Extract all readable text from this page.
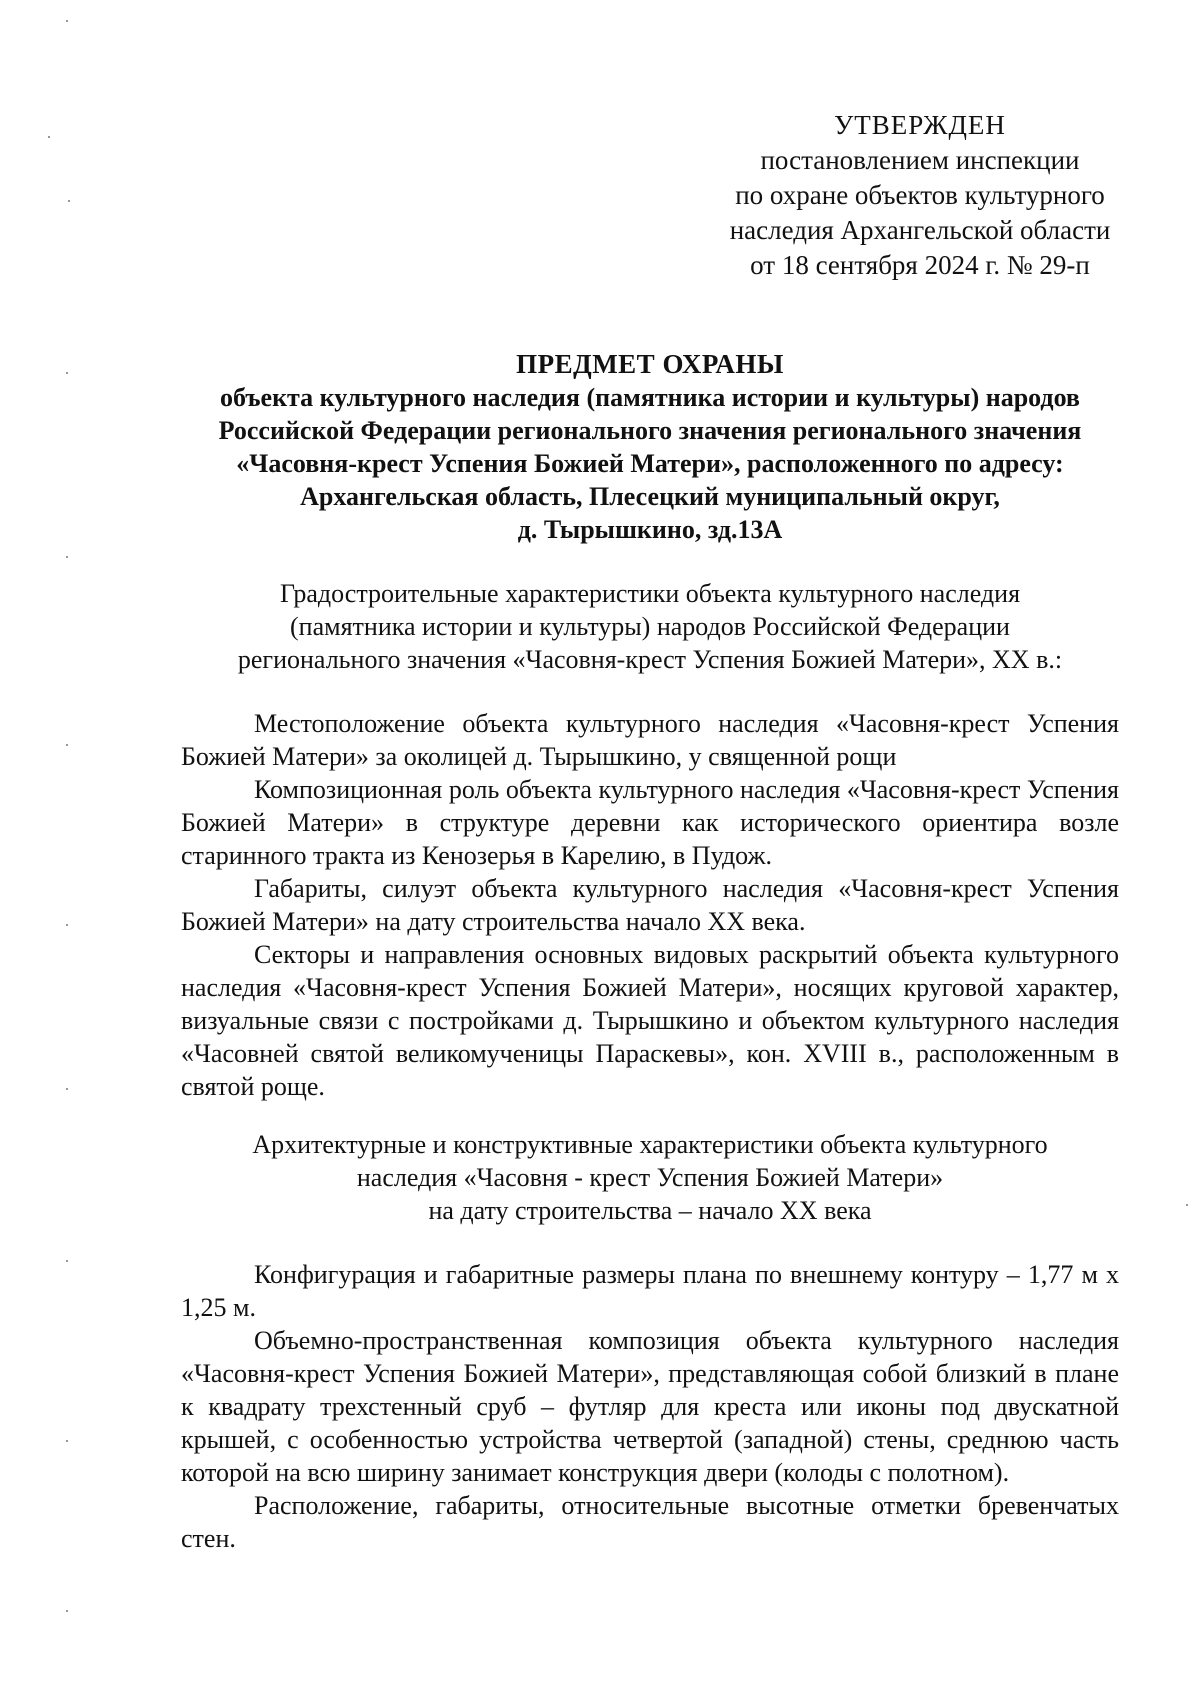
УТВЕРЖДЕН
постановлением инспекции
по охране объектов культурного
наследия Архангельской области
от 18 сентября 2024 г. № 29-п
ПРЕДМЕТ ОХРАНЫ
объекта культурного наследия (памятника истории и культуры) народов
Российской Федерации регионального значения регионального значения
«Часовня-крест Успения Божией Матери», расположенного по адресу:
Архангельская область, Плесецкий муниципальный округ,
д. Тырышкино, зд.13А
Градостроительные характеристики объекта культурного наследия
(памятника истории и культуры) народов Российской Федерации
регионального значения «Часовня-крест Успения Божией Матери», XX в.:
Местоположение объекта культурного наследия «Часовня-крест Успения Божией Матери» за околицей д. Тырышкино, у священной рощи
Композиционная роль объекта культурного наследия «Часовня-крест Успения Божией Матери» в структуре деревни как исторического ориентира возле старинного тракта из Кенозерья в Карелию, в Пудож.
Габариты, силуэт объекта культурного наследия «Часовня-крест Успения Божией Матери» на дату строительства начало XX века.
Секторы и направления основных видовых раскрытий объекта культурного наследия «Часовня-крест Успения Божией Матери», носящих круговой характер, визуальные связи с постройками д. Тырышкино и объектом культурного наследия «Часовней святой великомученицы Параскевы», кон. XVIII в., расположенным в святой роще.
Архитектурные и конструктивные характеристики объекта культурного
наследия «Часовня - крест Успения Божией Матери»
на дату строительства – начало XX века
Конфигурация и габаритные размеры плана по внешнему контуру – 1,77 м х 1,25 м.
Объемно-пространственная композиция объекта культурного наследия «Часовня-крест Успения Божией Матери», представляющая собой близкий в плане к квадрату трехстенный сруб – футляр для креста или иконы под двускатной крышей, с особенностью устройства четвертой (западной) стены, среднюю часть которой на всю ширину занимает конструкция двери (колоды с полотном).
Расположение, габариты, относительные высотные отметки бревенчатых стен.
